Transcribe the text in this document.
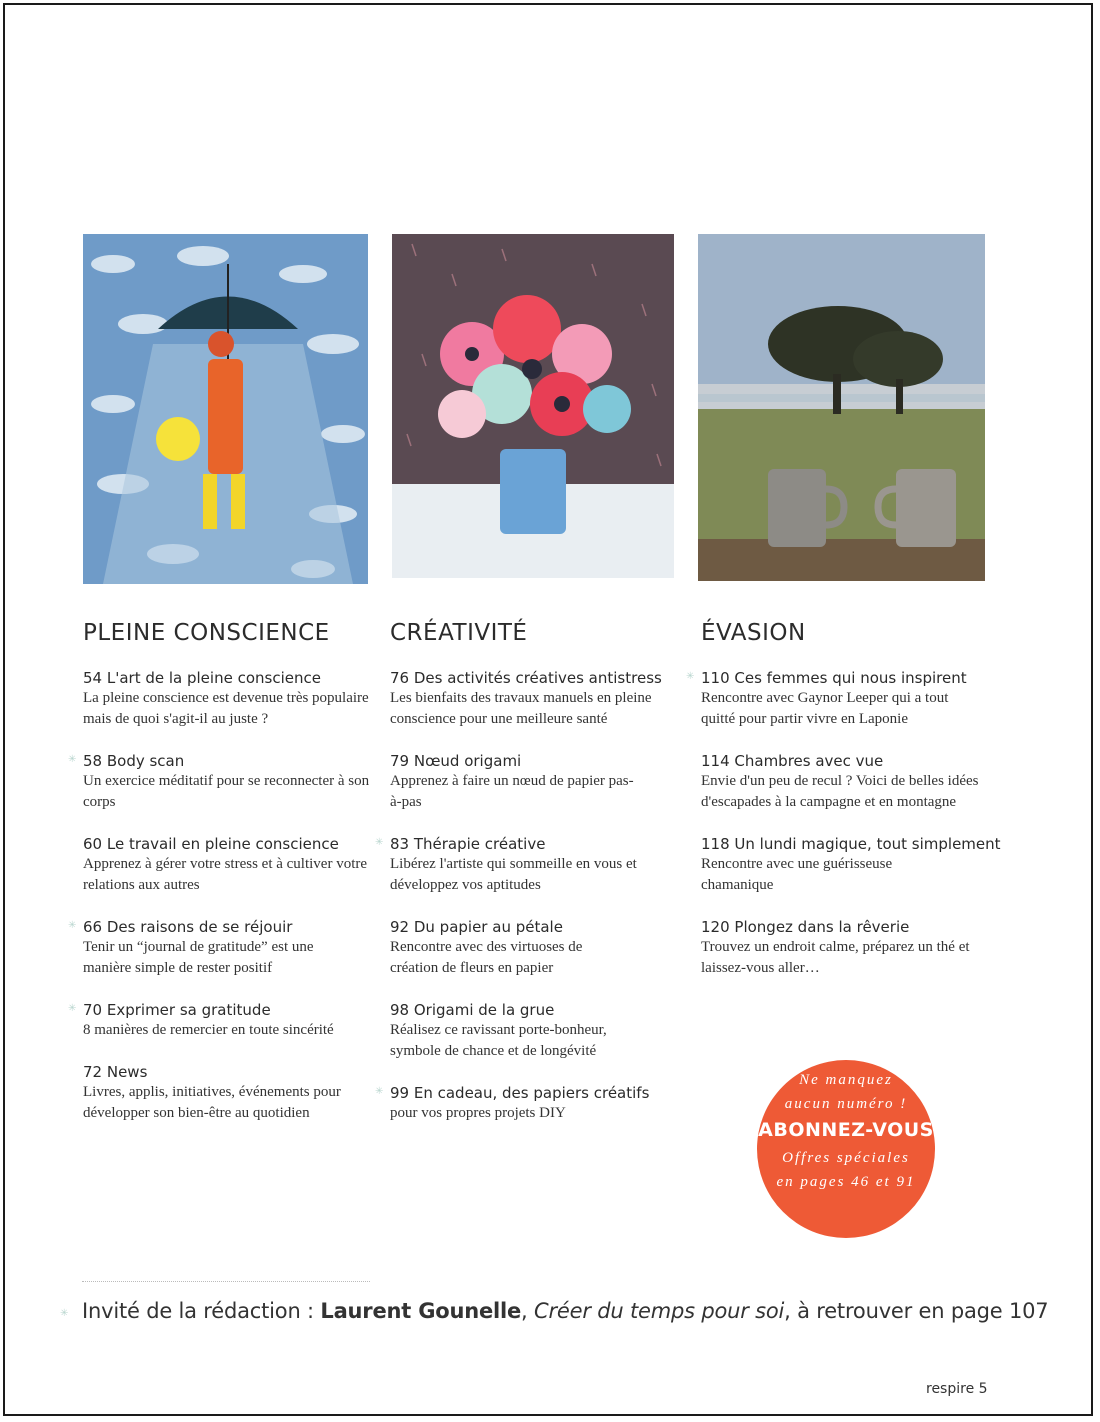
PLEINE CONSCIENCE
54 L'art de la pleine conscience
La pleine conscience est devenue très populaire mais de quoi s'agit-il au juste ?
✳ 58 Body scan
Un exercice méditatif pour se reconnecter à son corps
60 Le travail en pleine conscience
Apprenez à gérer votre stress et à cultiver votre relations aux autres
✳ 66 Des raisons de se réjouir
Tenir un “journal de gratitude” est une manière simple de rester positif
✳ 70 Exprimer sa gratitude
8 manières de remercier en toute sincérité
72 News
Livres, applis, initiatives, événements pour développer son bien-être au quotidien
CRÉATIVITÉ
76 Des activités créatives antistress
Les bienfaits des travaux manuels en pleine conscience pour une meilleure santé
79 Nœud origami
Apprenez à faire un nœud de papier pas-à-pas
✳ 83 Thérapie créative
Libérez l'artiste qui sommeille en vous et développez vos aptitudes
92 Du papier au pétale
Rencontre avec des virtuoses de création de fleurs en papier
98 Origami de la grue
Réalisez ce ravissant porte-bonheur, symbole de chance et de longévité
✳ 99 En cadeau, des papiers créatifs
pour vos propres projets DIY
ÉVASION
✳ 110 Ces femmes qui nous inspirent
Rencontre avec Gaynor Leeper qui a tout quitté pour partir vivre en Laponie
114 Chambres avec vue
Envie d'un peu de recul ? Voici de belles idées d'escapades à la campagne et en montagne
118 Un lundi magique, tout simplement
Rencontre avec une guérisseuse chamanique
120 Plongez dans la rêverie
Trouvez un endroit calme, préparez un thé et laissez-vous aller…
Ne manquez
aucun numéro !
ABONNEZ-VOUS
Offres spéciales
en pages 46 et 91
✳ Invité de la rédaction : Laurent Gounelle, Créer du temps pour soi, à retrouver en page 107
respire 5
